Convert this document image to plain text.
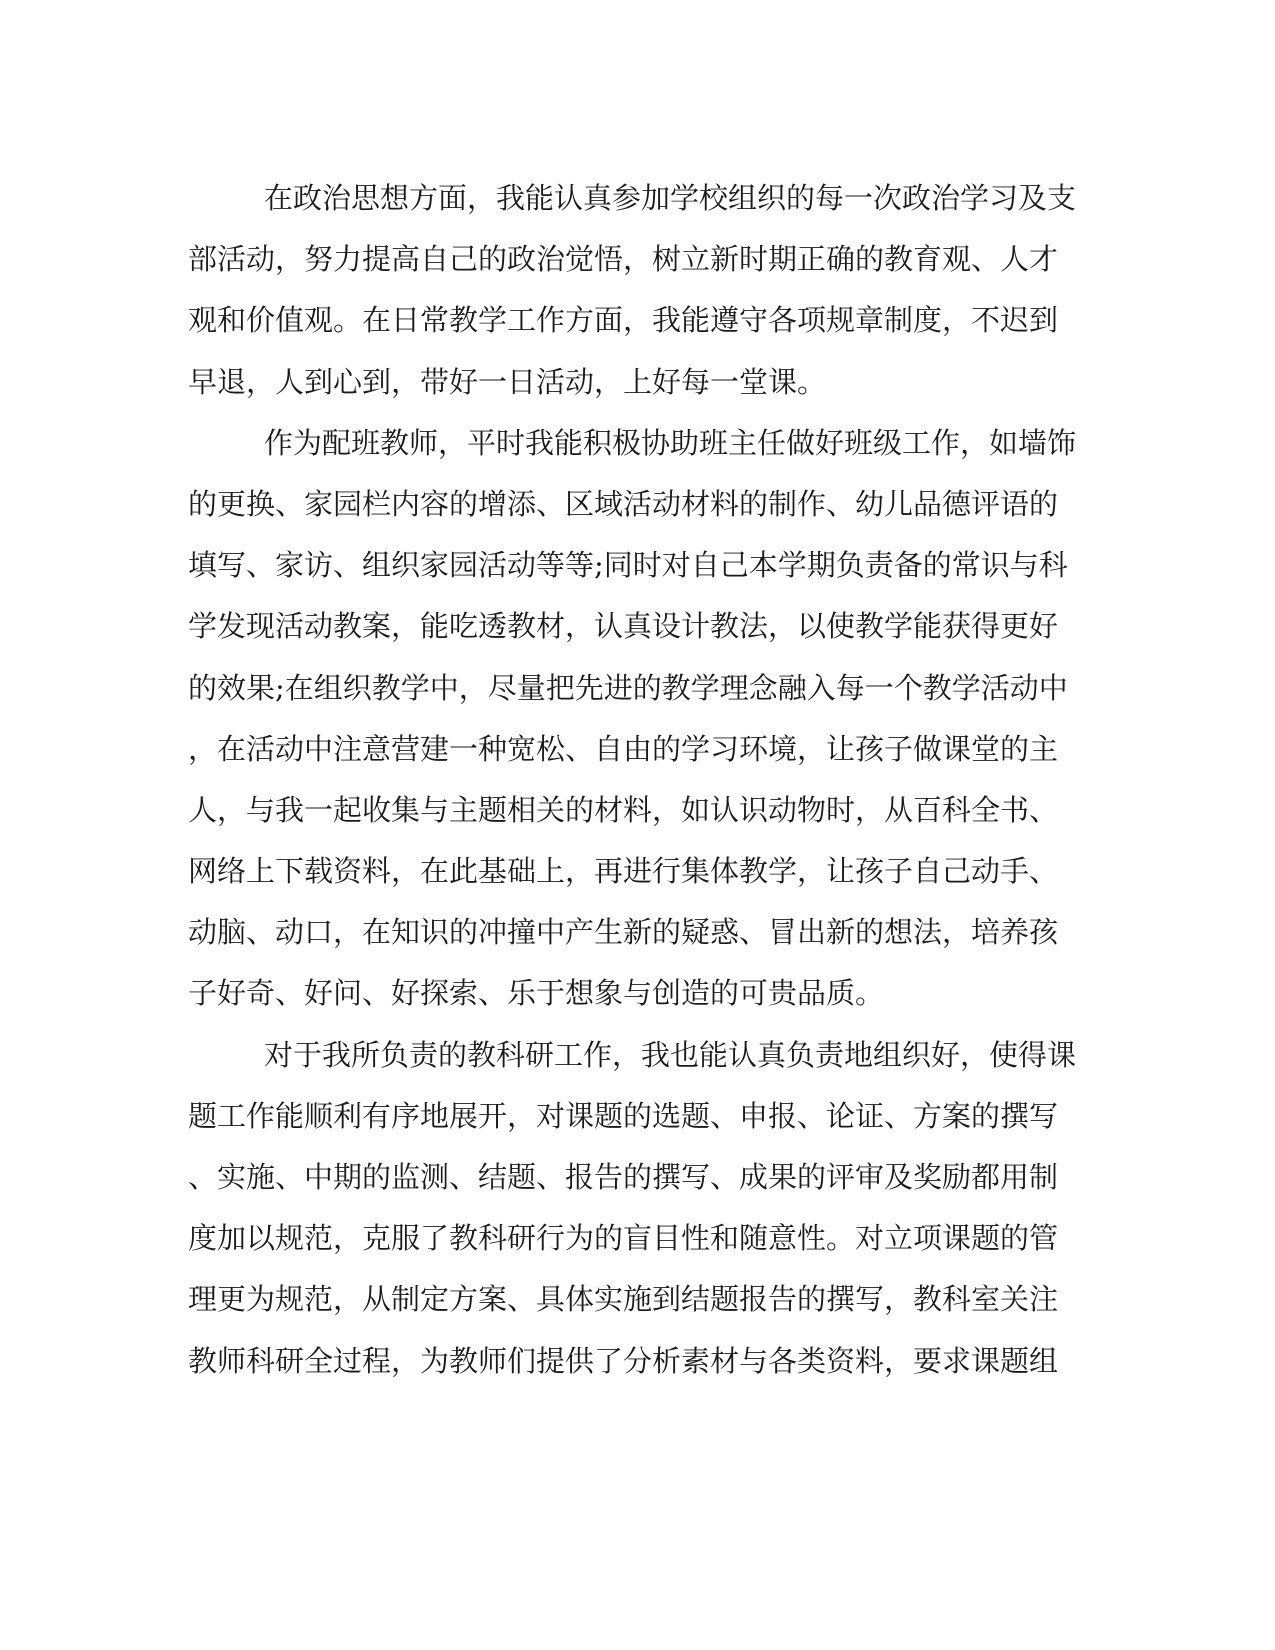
在政治思想方面，我能认真参加学校组织的每一次政治学习及支
部活动，努力提高自己的政治觉悟，树立新时期正确的教育观、人才
观和价值观。在日常教学工作方面，我能遵守各项规章制度，不迟到
早退，人到心到，带好一日活动，上好每一堂课。
作为配班教师，平时我能积极协助班主任做好班级工作，如墙饰
的更换、家园栏内容的增添、区域活动材料的制作、幼儿品德评语的
填写、家访、组织家园活动等等;同时对自己本学期负责备的常识与科
学发现活动教案，能吃透教材，认真设计教法，以使教学能获得更好
的效果;在组织教学中，尽量把先进的教学理念融入每一个教学活动中
，在活动中注意营建一种宽松、自由的学习环境，让孩子做课堂的主
人，与我一起收集与主题相关的材料，如认识动物时，从百科全书、
网络上下载资料，在此基础上，再进行集体教学，让孩子自己动手、
动脑、动口，在知识的冲撞中产生新的疑惑、冒出新的想法，培养孩
子好奇、好问、好探索、乐于想象与创造的可贵品质。
对于我所负责的教科研工作，我也能认真负责地组织好，使得课
题工作能顺利有序地展开，对课题的选题、申报、论证、方案的撰写
、实施、中期的监测、结题、报告的撰写、成果的评审及奖励都用制
度加以规范，克服了教科研行为的盲目性和随意性。对立项课题的管
理更为规范，从制定方案、具体实施到结题报告的撰写，教科室关注
教师科研全过程，为教师们提供了分析素材与各类资料，要求课题组
